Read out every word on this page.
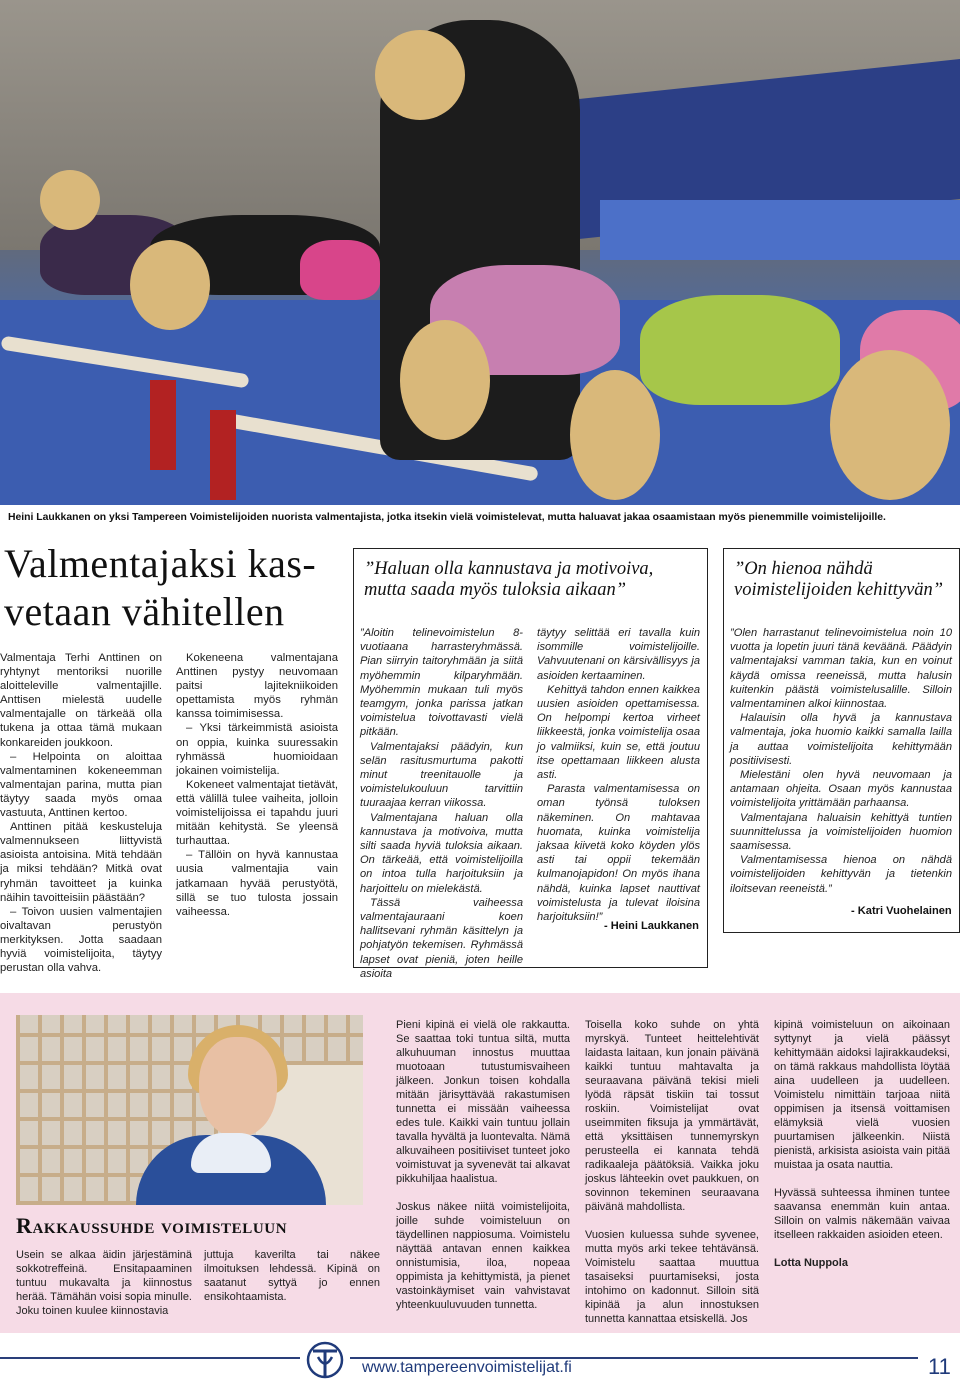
Heini Laukkanen on yksi Tampereen Voimistelijoiden nuorista valmentajista, jotka itsekin vielä voimistelevat, mutta haluavat jakaa osaamistaan myös pienemmille voimistelijoille.
Valmentajaksi kas-
vetaan vähitellen

Valmentaja Terhi Anttinen on ryhtynyt mentoriksi nuorille aloitteleville valmentajille. Anttisen mielestä uudelle valmentajalle on tärkeää olla tukena ja ottaa tämä mukaan konkareiden joukkoon.

– Helpointa on aloittaa valmentaminen kokeneemman valmentajan parina, mutta pian täytyy saada myös omaa vastuuta, Anttinen kertoo.

Anttinen pitää keskusteluja valmennukseen liittyvistä asioista antoisina. Mitä tehdään ja miksi tehdään? Mitkä ovat ryhmän tavoitteet ja kuinka näihin tavoitteisiin päästään?

– Toivon uusien valmentajien oivaltavan perustyön merkityksen. Jotta saadaan hyviä voimistelijoita, täytyy perustan olla vahva.

Kokeneena valmentajana Anttinen pystyy neuvomaan paitsi lajitekniikoiden opettamista myös ryhmän kanssa toimimisessa.

– Yksi tärkeimmistä asioista on oppia, kuinka suuressakin ryhmässä huomioidaan jokainen voimistelija.

Kokeneet valmentajat tietävät, että välillä tulee vaiheita, jolloin voimistelijoissa ei tapahdu juuri mitään kehitystä. Se yleensä turhauttaa.

– Tällöin on hyvä kannustaa uusia valmentajia vain jatkamaan hyvää perustyötä, sillä se tuo tulosta jossain vaiheessa.

”Haluan olla kannustava ja motivoiva, mutta saada myös tuloksia aikaan”

”Aloitin telinevoimistelun 8-vuotiaana harrasteryhmässä. Pian siirryin taitoryhmään ja siitä myöhemmin kilparyhmään. Myöhemmin mukaan tuli myös teamgym, jonka parissa jatkan voimistelua toivottavasti vielä pitkään.

Valmentajaksi päädyin, kun selän rasitusmurtuma pakotti minut treenitauolle ja voimistelukouluun tarvittiin tuuraajaa kerran viikossa.

Valmentajana haluan olla kannustava ja motivoiva, mutta silti saada hyviä tuloksia aikaan. On tärkeää, että voimistelijoilla on intoa tulla harjoituksiin ja harjoittelu on mielekästä.

Tässä vaiheessa valmentajauraani koen hallitsevani ryhmän käsittelyn ja pohjatyön tekemisen. Ryhmässä lapset ovat pieniä, joten heille asioita

täytyy selittää eri tavalla kuin isommille voimistelijoille. Vahvuutenani on kärsivällisyys ja asioiden kertaaminen.

Kehittyä tahdon ennen kaikkea uusien asioiden opettamisessa. On helpompi kertoa virheet liikkeestä, jonka voimistelija osaa jo valmiiksi, kuin se, että joutuu itse opettamaan liikkeen alusta asti.

Parasta valmentamisessa on oman työnsä tuloksen näkeminen. On mahtavaa huomata, kuinka voimistelija jaksaa kiivetä koko köyden ylös asti tai oppii tekemään kulmanojapidon! On myös ihana nähdä, kuinka lapset nauttivat voimistelusta ja tulevat iloisina harjoituksiin!”

- Heini Laukkanen
”On hienoa nähdä voimistelijoiden kehittyvän”

”Olen harrastanut telinevoimistelua noin 10 vuotta ja lopetin juuri tänä keväänä. Päädyin valmentajaksi vamman takia, kun en voinut käydä omissa reeneissä, mutta halusin kuitenkin päästä voimistelusalille. Silloin valmentaminen alkoi kiinnostaa.

Halauisin olla hyvä ja kannustava valmentaja, joka huomio kaikki samalla lailla ja auttaa voimistelijoita kehittymään positiivisesti.

Mielestäni olen hyvä neuvomaan ja antamaan ohjeita. Osaan myös kannustaa voimistelijoita yrittämään parhaansa.

Valmentajana haluaisin kehittyä tuntien suunnittelussa ja voimistelijoiden huomion saamisessa.

Valmentamisessa hienoa on nähdä voimistelijoiden kehittyvän ja tietenkin iloitsevan reeneistä.”

- Katri Vuohelainen
Rakkaussuhde voimisteluun
Usein se alkaa äidin järjestäminä sokkotreffeinä. Ensitapaaminen tuntuu mukavalta ja kiinnostus herää. Tämähän voisi sopia minulle. Joku toinen kuulee kiinnostavia
juttuja kaverilta tai näkee ilmoituksen lehdessä. Kipinä on saatanut syttyä jo ennen ensikohtaamista.

Pieni kipinä ei vielä ole rakkautta. Se saattaa toki tuntua siltä, mutta alkuhuuman innostus muuttaa muotoaan tutustumisvaiheen jälkeen. Jonkun toisen kohdalla mitään järisyttävää rakastumisen tunnetta ei missään vaiheessa edes tule. Kaikki vain tuntuu jollain tavalla hyvältä ja luontevalta. Nämä alkuvaiheen positiiviset tunteet joko voimistuvat ja syvenevät tai alkavat pikkuhiljaa haalistua.

Joskus näkee niitä voimistelijoita, joille suhde voimisteluun on täydellinen nappiosuma. Voimistelu näyttää antavan ennen kaikkea onnistumisia, iloa, nopeaa oppimista ja kehittymistä, ja pienet vastoinkäymiset vain vahvistavat yhteenkuuluvuuden tunnetta.

Toisella koko suhde on yhtä myrskyä. Tunteet heittelehtivät laidasta laitaan, kun jonain päivänä kaikki tuntuu mahtavalta ja seuraavana päivänä tekisi mieli lyödä räpsät tiskiin tai tossut roskiin. Voimistelijat ovat useimmiten fiksuja ja ymmärtävät, että yksittäisen tunnemyrskyn perusteella ei kannata tehdä radikaaleja päätöksiä. Vaikka joku joskus lähteekin ovet paukkuen, on sovinnon tekeminen seuraavana päivänä mahdollista.

Vuosien kuluessa suhde syvenee, mutta myös arki tekee tehtävänsä. Voimistelu saattaa muuttua tasaiseksi puurtamiseksi, josta intohimo on kadonnut. Silloin sitä kipinää ja alun innostuksen tunnetta kannattaa etsiskellä. Jos

kipinä voimisteluun on aikoinaan syttynyt ja vielä päässyt kehittymään aidoksi lajirakkaudeksi, on tämä rakkaus mahdollista löytää aina uudelleen ja uudelleen. Voimistelu nimittäin tarjoaa niitä oppimisen ja itsensä voittamisen elämyksiä vielä vuosien puurtamisen jälkeenkin. Niistä pienistä, arkisista asioista vain pitää muistaa ja osata nauttia.

Hyvässä suhteessa ihminen tuntee saavansa enemmän kuin antaa. Silloin on valmis näkemään vaivaa itselleen rakkaiden asioiden eteen.

Lotta Nuppola

www.tampereenvoimistelijat.fi	11
